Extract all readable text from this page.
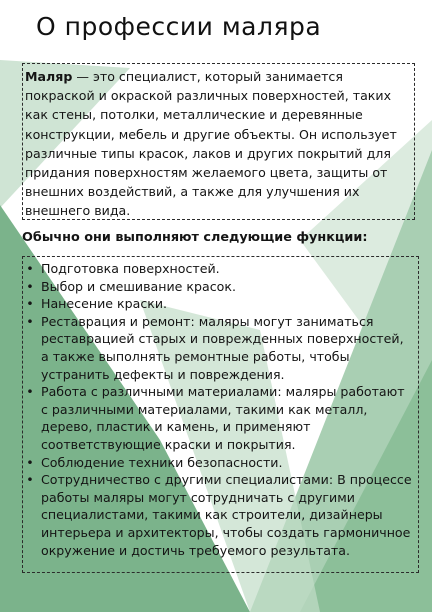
О профессии маляра

Маляр — это специалист, который занимается покраской и окраской различных поверхностей, таких как стены, потолки, металлические и деревянные конструкции, мебель и другие объекты. Он использует различные типы красок, лаков и других покрытий для придания поверхностям желаемого цвета, защиты от внешних воздействий, а также для улучшения их внешнего вида.

Обычно они выполняют следующие функции:
• Подготовка поверхностей.
• Выбор и смешивание красок.
• Нанесение краски.
• Реставрация и ремонт: маляры могут заниматься реставрацией старых и поврежденных поверхностей, а также выполнять ремонтные работы, чтобы устранить дефекты и повреждения.
• Работа с различными материалами: маляры работают с различными материалами, такими как металл, дерево, пластик и камень, и применяют соответствующие краски и покрытия.
• Соблюдение техники безопасности.
• Сотрудничество с другими специалистами: В процессе работы маляры могут сотрудничать с другими специалистами, такими как строители, дизайнеры интерьера и архитекторы, чтобы создать гармоничное окружение и достичь требуемого результата.
